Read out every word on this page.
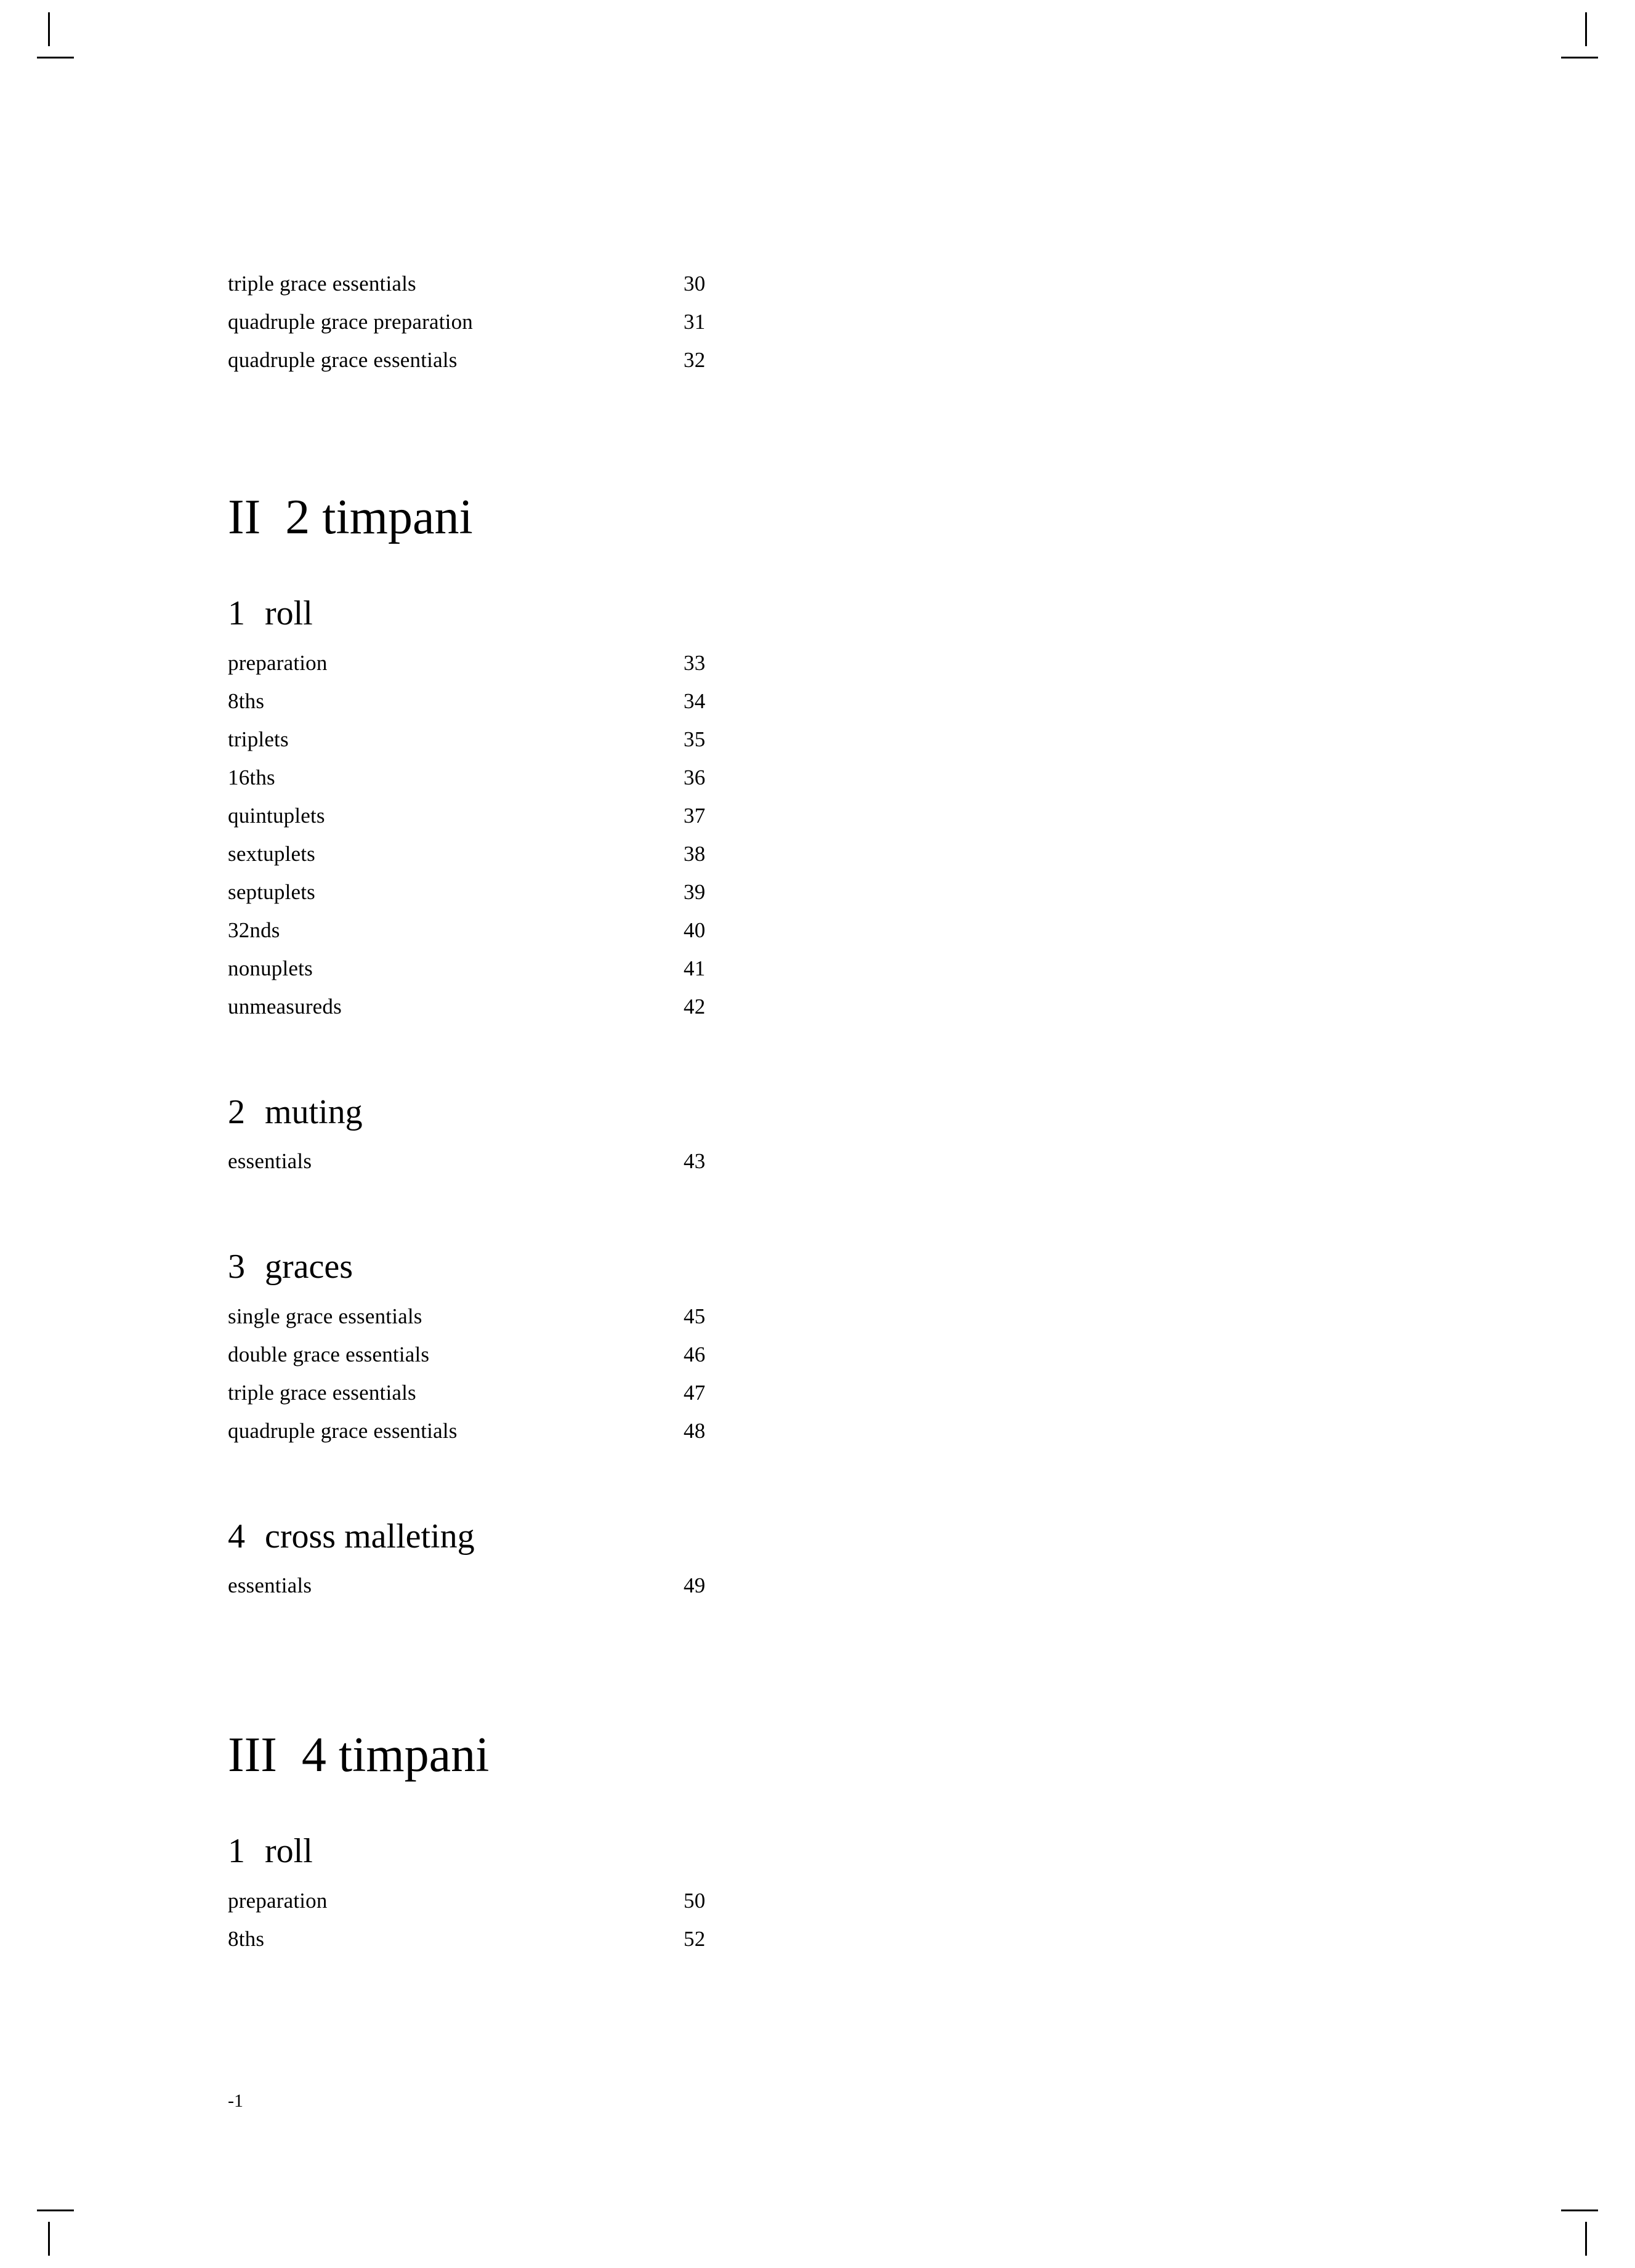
triple grace essentials	30
quadruple grace preparation	31
quadruple grace essentials	32
II 2 timpani
1 roll
preparation	33
8ths	34
triplets	35
16ths	36
quintuplets	37
sextuplets	38
septuplets	39
32nds	40
nonuplets	41
unmeasureds	42
2 muting
essentials	43
3 graces
single grace essentials	45
double grace essentials	46
triple grace essentials	47
quadruple grace essentials	48
4 cross malleting
essentials	49
III 4 timpani
1 roll
preparation	50
8ths	52
-1
